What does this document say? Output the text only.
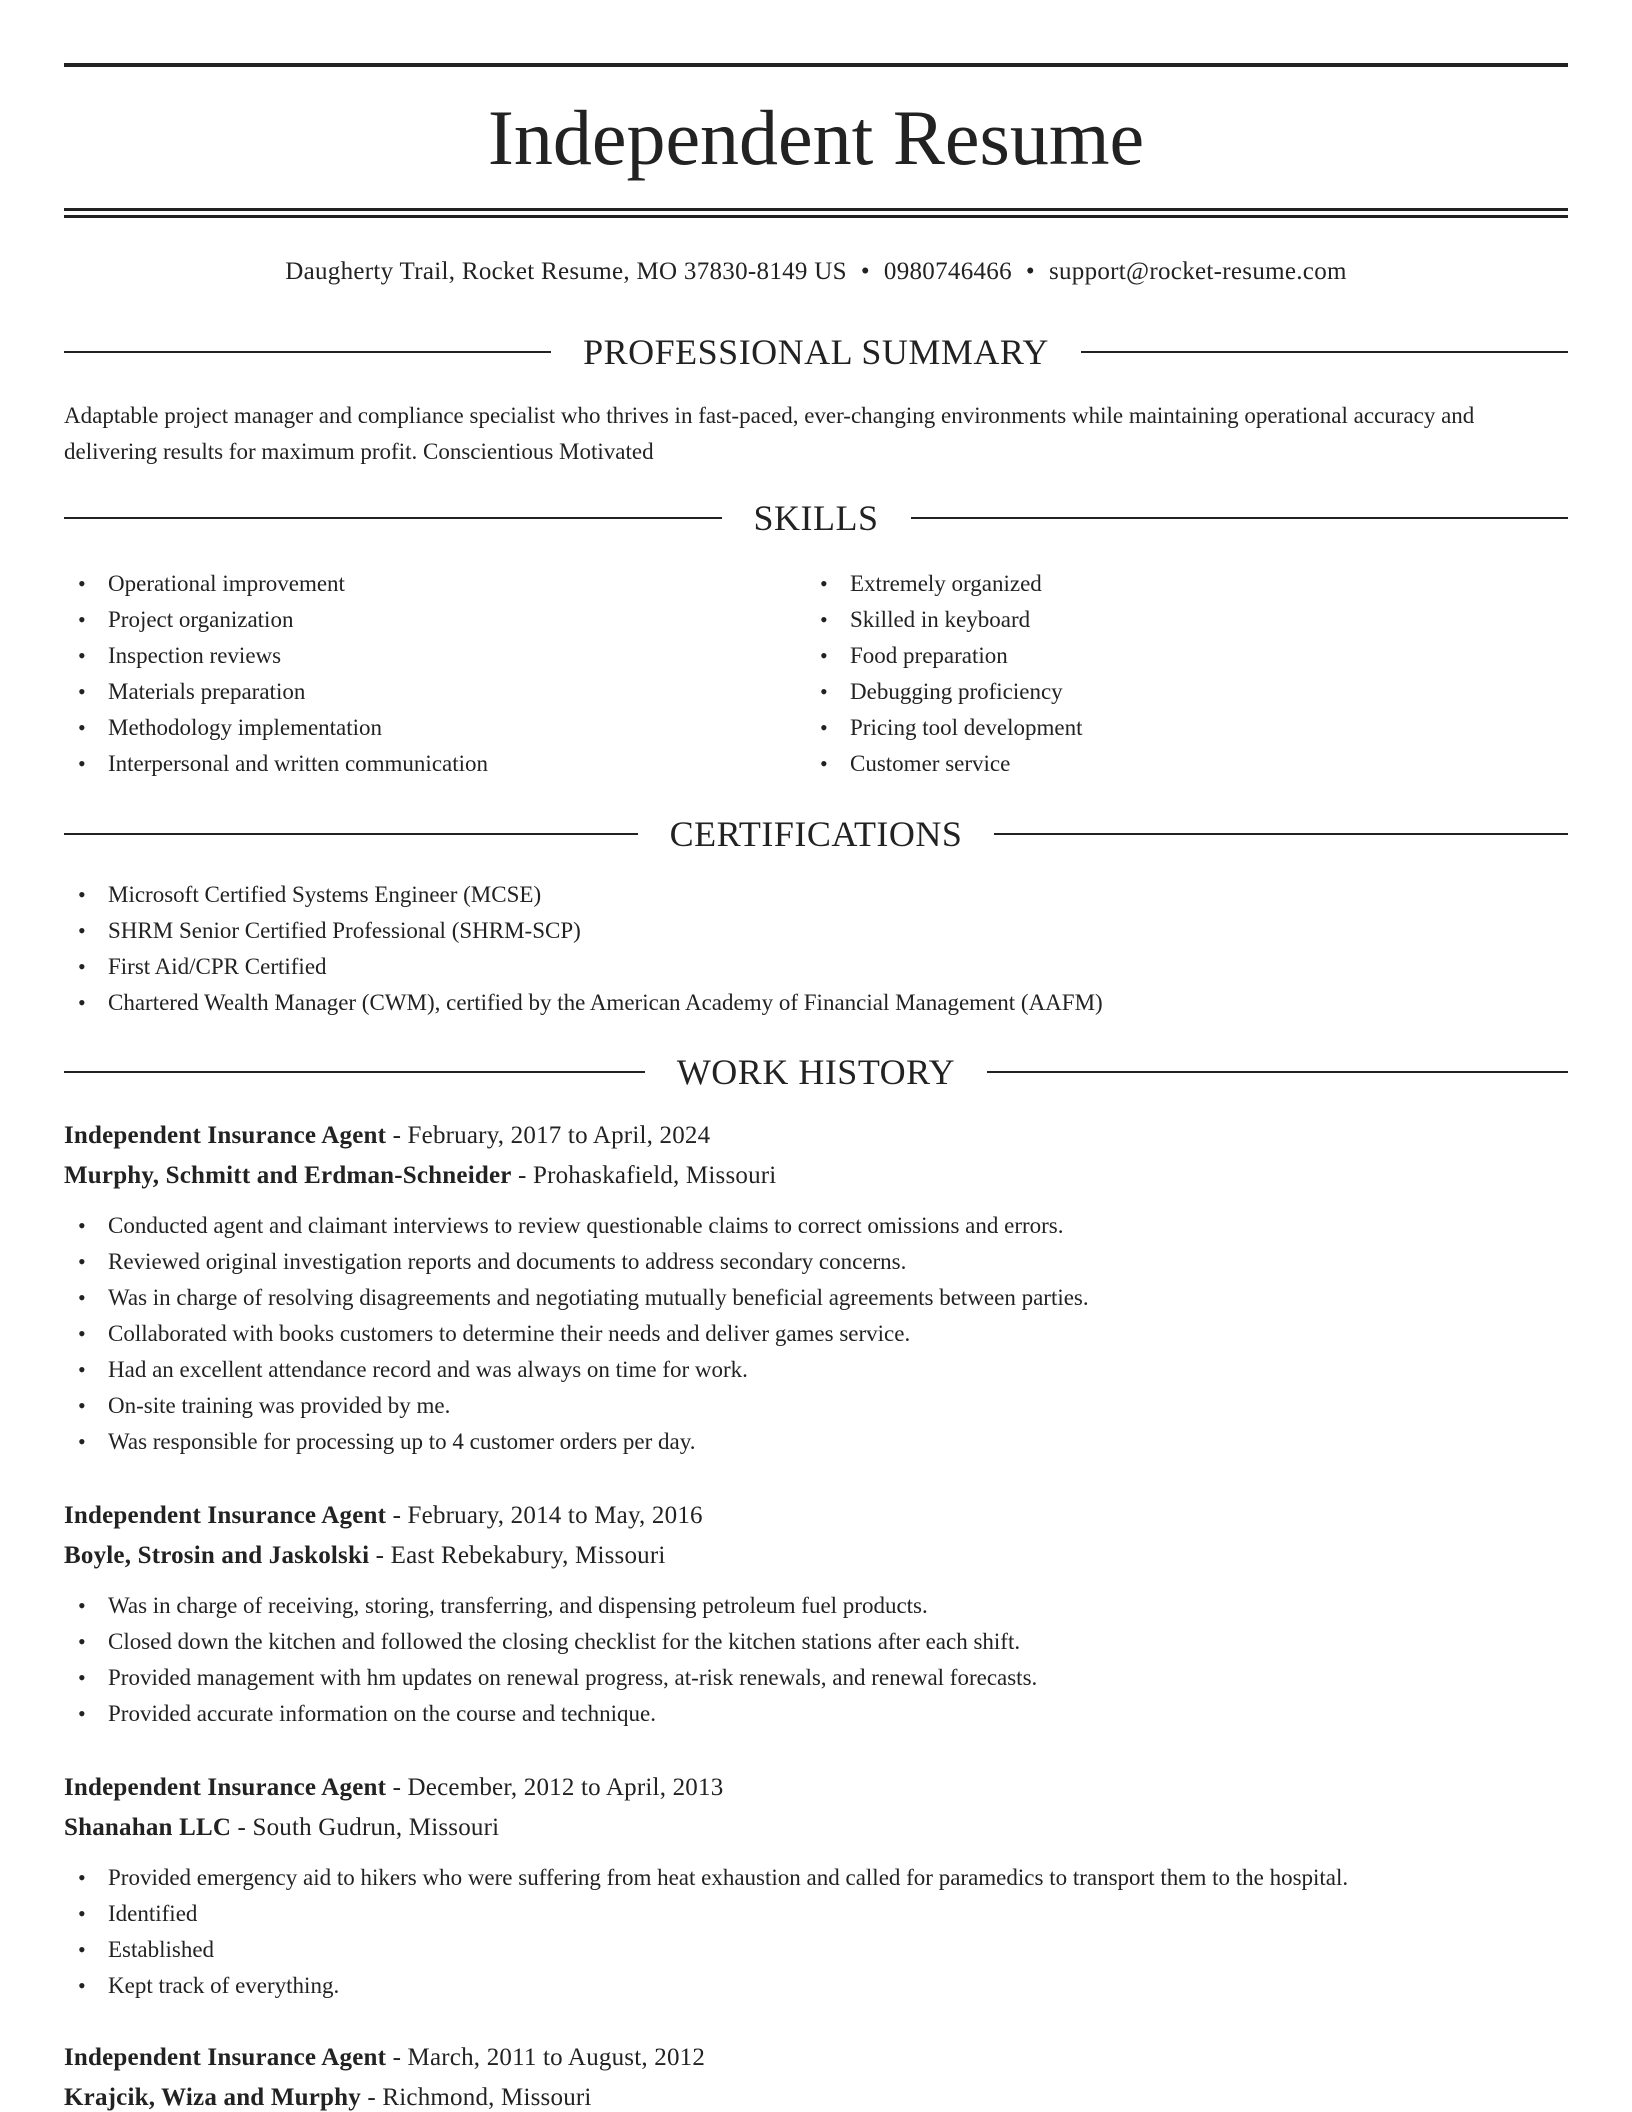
Independent Resume
Daugherty Trail, Rocket Resume, MO 37830-8149 US • 0980746466 • support@rocket-resume.com
PROFESSIONAL SUMMARY

Adaptable project manager and compliance specialist who thrives in fast-paced, ever-changing environments while maintaining operational accuracy and delivering results for maximum profit. Conscientious Motivated

SKILLS
• Operational improvement
• Project organization
• Inspection reviews
• Materials preparation
• Methodology implementation
• Interpersonal and written communication
• Extremely organized
• Skilled in keyboard
• Food preparation
• Debugging proficiency
• Pricing tool development
• Customer service
CERTIFICATIONS
• Microsoft Certified Systems Engineer (MCSE)
• SHRM Senior Certified Professional (SHRM-SCP)
• First Aid/CPR Certified
• Chartered Wealth Manager (CWM), certified by the American Academy of Financial Management (AAFM)
WORK HISTORY
Independent Insurance Agent - February, 2017 to April, 2024
Murphy, Schmitt and Erdman-Schneider - Prohaskafield, Missouri
• Conducted agent and claimant interviews to review questionable claims to correct omissions and errors.
• Reviewed original investigation reports and documents to address secondary concerns.
• Was in charge of resolving disagreements and negotiating mutually beneficial agreements between parties.
• Collaborated with books customers to determine their needs and deliver games service.
• Had an excellent attendance record and was always on time for work.
• On-site training was provided by me.
• Was responsible for processing up to 4 customer orders per day.
Independent Insurance Agent - February, 2014 to May, 2016
Boyle, Strosin and Jaskolski - East Rebekabury, Missouri
• Was in charge of receiving, storing, transferring, and dispensing petroleum fuel products.
• Closed down the kitchen and followed the closing checklist for the kitchen stations after each shift.
• Provided management with hm updates on renewal progress, at-risk renewals, and renewal forecasts.
• Provided accurate information on the course and technique.
Independent Insurance Agent - December, 2012 to April, 2013
Shanahan LLC - South Gudrun, Missouri
• Provided emergency aid to hikers who were suffering from heat exhaustion and called for paramedics to transport them to the hospital.
• Identified
• Established
• Kept track of everything.
Independent Insurance Agent - March, 2011 to August, 2012
Krajcik, Wiza and Murphy - Richmond, Missouri
